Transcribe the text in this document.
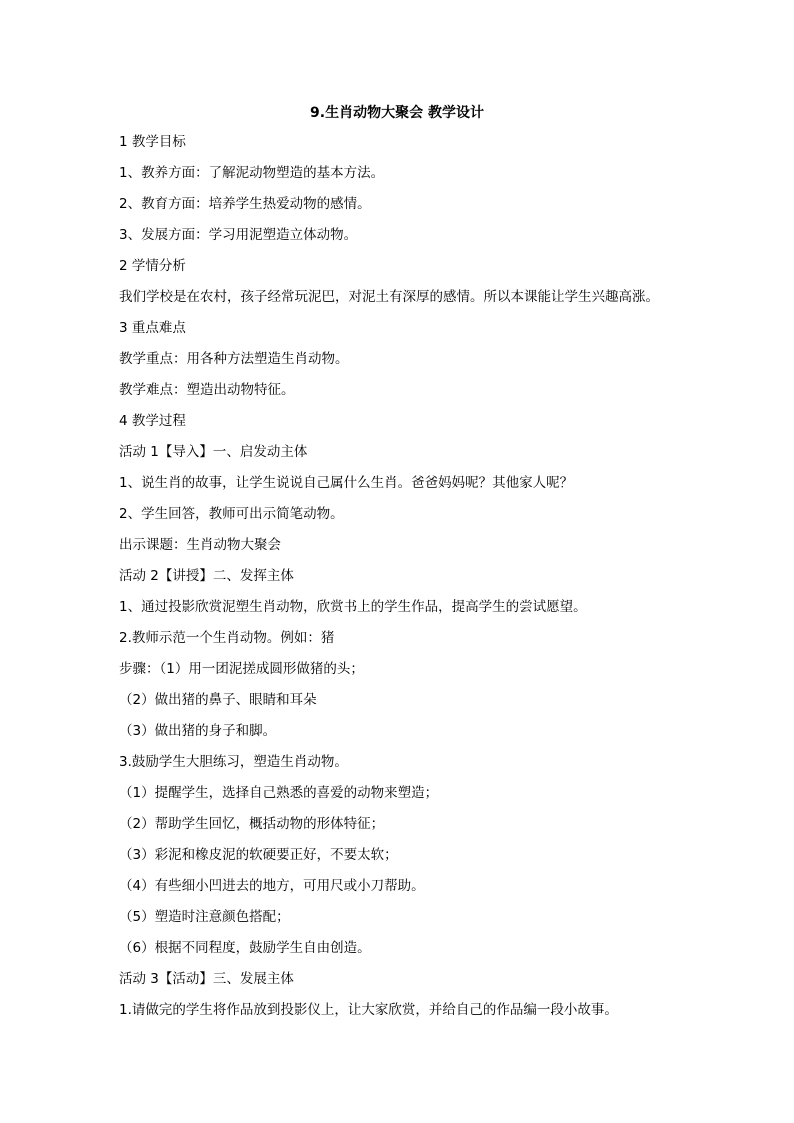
9.生肖动物大聚会 教学设计
1 教学目标
1、教养方面：了解泥动物塑造的基本方法。
2、教育方面：培养学生热爱动物的感情。
3、发展方面：学习用泥塑造立体动物。
2 学情分析
我们学校是在农村，孩子经常玩泥巴，对泥土有深厚的感情。所以本课能让学生兴趣高涨。
3 重点难点
教学重点：用各种方法塑造生肖动物。
教学难点：塑造出动物特征。
4 教学过程
活动 1【导入】一、启发动主体
1、说生肖的故事，让学生说说自己属什么生肖。爸爸妈妈呢？其他家人呢？
2、学生回答，教师可出示简笔动物。
出示课题：生肖动物大聚会
活动 2【讲授】二、发挥主体
1、通过投影欣赏泥塑生肖动物，欣赏书上的学生作品，提高学生的尝试愿望。
2.教师示范一个生肖动物。例如：猪
步骤：（1）用一团泥搓成圆形做猪的头；
（2）做出猪的鼻子、眼睛和耳朵
（3）做出猪的身子和脚。
3.鼓励学生大胆练习，塑造生肖动物。
（1）提醒学生，选择自己熟悉的喜爱的动物来塑造；
（2）帮助学生回忆，概括动物的形体特征；
（3）彩泥和橡皮泥的软硬要正好，不要太软；
（4）有些细小凹进去的地方，可用尺或小刀帮助。
（5）塑造时注意颜色搭配；
（6）根据不同程度，鼓励学生自由创造。
活动 3【活动】三、发展主体
1.请做完的学生将作品放到投影仪上，让大家欣赏，并给自己的作品编一段小故事。
